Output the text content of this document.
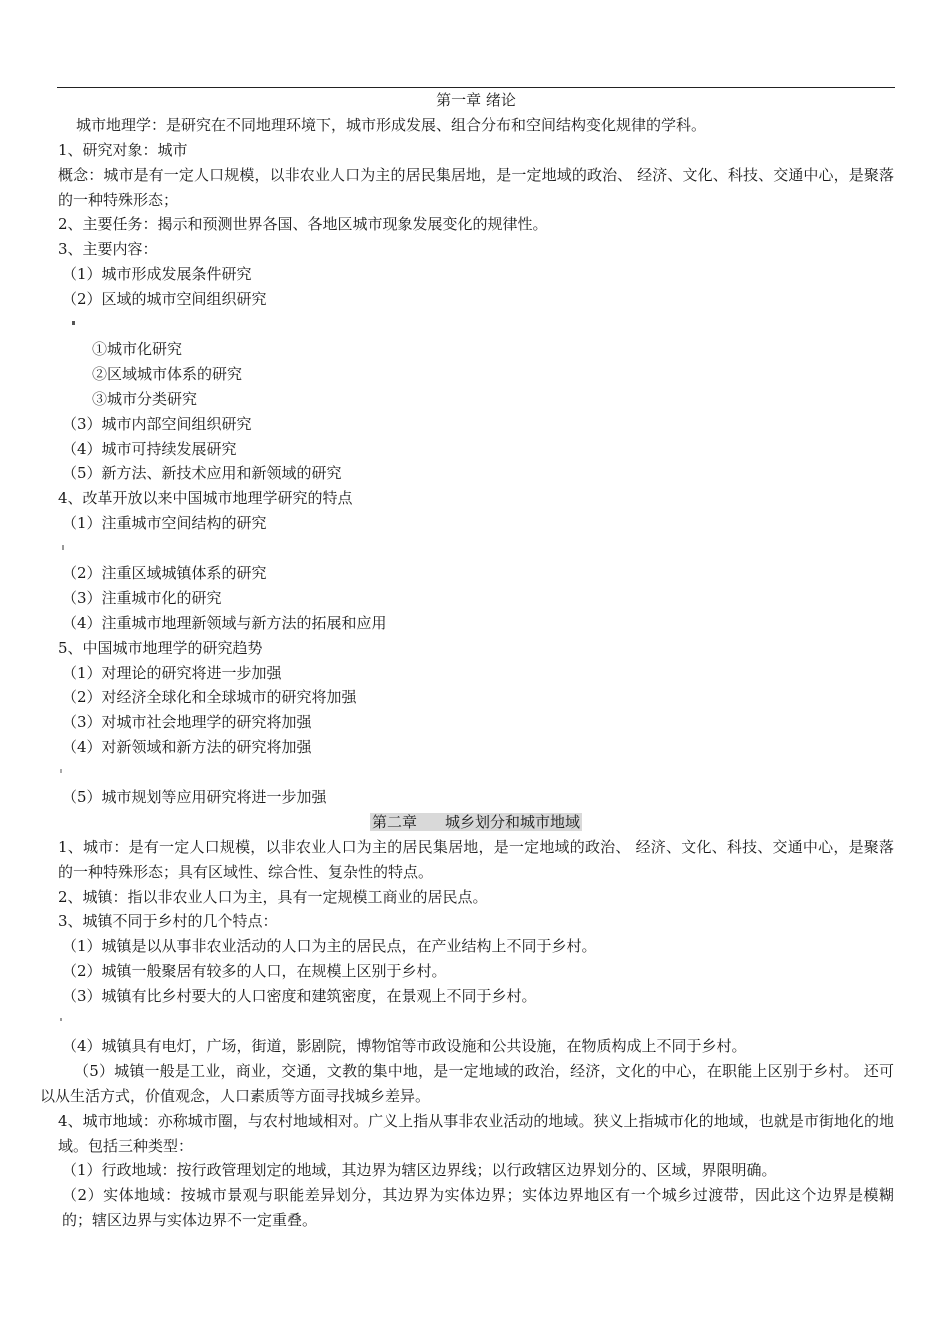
第一章 绪论
城市地理学：是研究在不同地理环境下，城市形成发展、组合分布和空间结构变化规律的学科。
1、研究对象：城市
概念：城市是有一定人口规模，以非农业人口为主的居民集居地，是一定地域的政治、 经济、文化、科技、交通中心，是聚落的一种特殊形态；
2、主要任务：揭示和预测世界各国、各地区城市现象发展变化的规律性。
3、主要内容：
（1）城市形成发展条件研究
（2）区域的城市空间组织研究
①城市化研究
②区域城市体系的研究
③城市分类研究
（3）城市内部空间组织研究
（4）城市可持续发展研究
（5）新方法、新技术应用和新领域的研究
4、改革开放以来中国城市地理学研究的特点
（1）注重城市空间结构的研究
（2）注重区域城镇体系的研究
（3）注重城市化的研究
（4）注重城市地理新领域与新方法的拓展和应用
5、中国城市地理学的研究趋势
（1）对理论的研究将进一步加强
（2）对经济全球化和全球城市的研究将加强
（3）对城市社会地理学的研究将加强
（4）对新领域和新方法的研究将加强
（5）城市规划等应用研究将进一步加强
第二章 城乡划分和城市地域
1、城市：是有一定人口规模，以非农业人口为主的居民集居地，是一定地域的政治、 经济、文化、科技、交通中心，是聚落的一种特殊形态；具有区域性、综合性、复杂性的特点。
2、城镇：指以非农业人口为主，具有一定规模工商业的居民点。
3、城镇不同于乡村的几个特点：
（1）城镇是以从事非农业活动的人口为主的居民点，在产业结构上不同于乡村。
（2）城镇一般聚居有较多的人口，在规模上区别于乡村。
（3）城镇有比乡村要大的人口密度和建筑密度，在景观上不同于乡村。
（4）城镇具有电灯，广场，街道，影剧院，博物馆等市政设施和公共设施，在物质构成上不同于乡村。
（5）城镇一般是工业，商业，交通，文教的集中地，是一定地域的政治，经济，文化的中心，在职能上区别于乡村。 还可以从生活方式，价值观念，人口素质等方面寻找城乡差异。
4、城市地域：亦称城市圈，与农村地域相对。广义上指从事非农业活动的地域。狭义上指城市化的地域，也就是市街地化的地域。包括三种类型：
（1）行政地域：按行政管理划定的地域，其边界为辖区边界线；以行政辖区边界划分的、区域，界限明确。
（2）实体地域：按城市景观与职能差异划分，其边界为实体边界；实体边界地区有一个城乡过渡带，因此这个边界是模糊的；辖区边界与实体边界不一定重叠。
